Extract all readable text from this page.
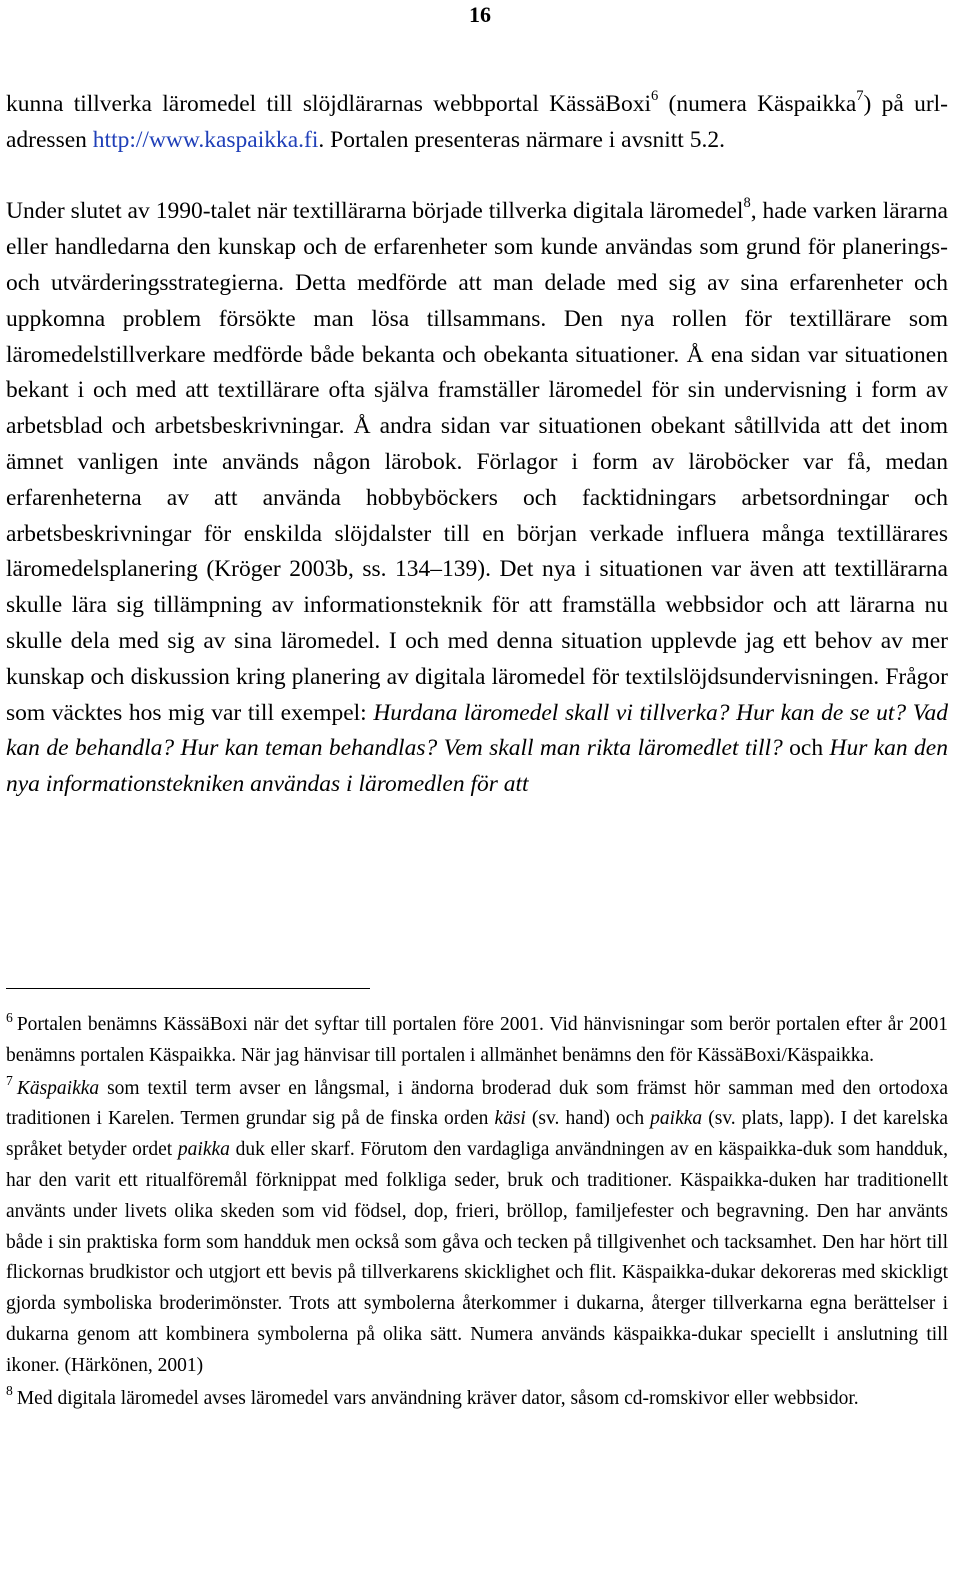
16

kunna tillverka läromedel till slöjdlärarnas webbportal KässäBoxi$^6$ (numera Käspaikka$^7$) på url-adressen http://www.kaspaikka.fi. Portalen presenteras närmare i avsnitt 5.2.

Under slutet av 1990-talet när textillärarna började tillverka digitala läromedel$^8$, hade varken lärarna eller handledarna den kunskap och de erfarenheter som kunde användas som grund för planerings- och utvärderingsstrategierna. Detta medförde att man delade med sig av sina erfarenheter och uppkomna problem försökte man lösa tillsammans. Den nya rollen för textillärare som läromedelstillverkare medförde både bekanta och obekanta situationer. Å ena sidan var situationen bekant i och med att textillärare ofta själva framställer läromedel för sin undervisning i form av arbetsblad och arbetsbeskrivningar. Å andra sidan var situationen obekant såtillvida att det inom ämnet vanligen inte används någon lärobok. Förlagor i form av läroböcker var få, medan erfarenheterna av att använda hobbyböckers och facktidningars arbetsordningar och arbetsbeskrivningar för enskilda slöjdalster till en början verkade influera många textillärares läromedelsplanering (Kröger 2003b, ss. 134–139). Det nya i situationen var även att textillärarna skulle lära sig tillämpning av informationsteknik för att framställa webbsidor och att lärarna nu skulle dela med sig av sina läromedel. I och med denna situation upplevde jag ett behov av mer kunskap och diskussion kring planering av digitala läromedel för textilslöjdsundervisningen. Frågor som väcktes hos mig var till exempel: Hurdana läromedel skall vi tillverka? Hur kan de se ut? Vad kan de behandla? Hur kan teman behandlas? Vem skall man rikta läromedlet till? och Hur kan den nya informationstekniken användas i läromedlen för att

$^6$ Portalen benämns KässäBoxi när det syftar till portalen före 2001. Vid hänvisningar som berör portalen efter år 2001 benämns portalen Käspaikka. När jag hänvisar till portalen i allmänhet benämns den för KässäBoxi/Käspaikka.

$^7$ Käspaikka som textil term avser en långsmal, i ändorna broderad duk som främst hör samman med den ortodoxa traditionen i Karelen. Termen grundar sig på de finska orden käsi (sv. hand) och paikka (sv. plats, lapp). I det karelska språket betyder ordet paikka duk eller skarf. Förutom den vardagliga användningen av en käspaikka-duk som handduk, har den varit ett ritualföremål förknippat med folkliga seder, bruk och traditioner. Käspaikka-duken har traditionellt använts under livets olika skeden som vid födsel, dop, frieri, bröllop, familjefester och begravning. Den har använts både i sin praktiska form som handduk men också som gåva och tecken på tillgivenhet och tacksamhet. Den har hört till flickornas brudkistor och utgjort ett bevis på tillverkarens skicklighet och flit. Käspaikka-dukar dekoreras med skickligt gjorda symboliska broderimönster. Trots att symbolerna återkommer i dukarna, återger tillverkarna egna berättelser i dukarna genom att kombinera symbolerna på olika sätt. Numera används käspaikka-dukar speciellt i anslutning till ikoner. (Härkönen, 2001)

$^8$ Med digitala läromedel avses läromedel vars användning kräver dator, såsom cd-romskivor eller webbsidor.
